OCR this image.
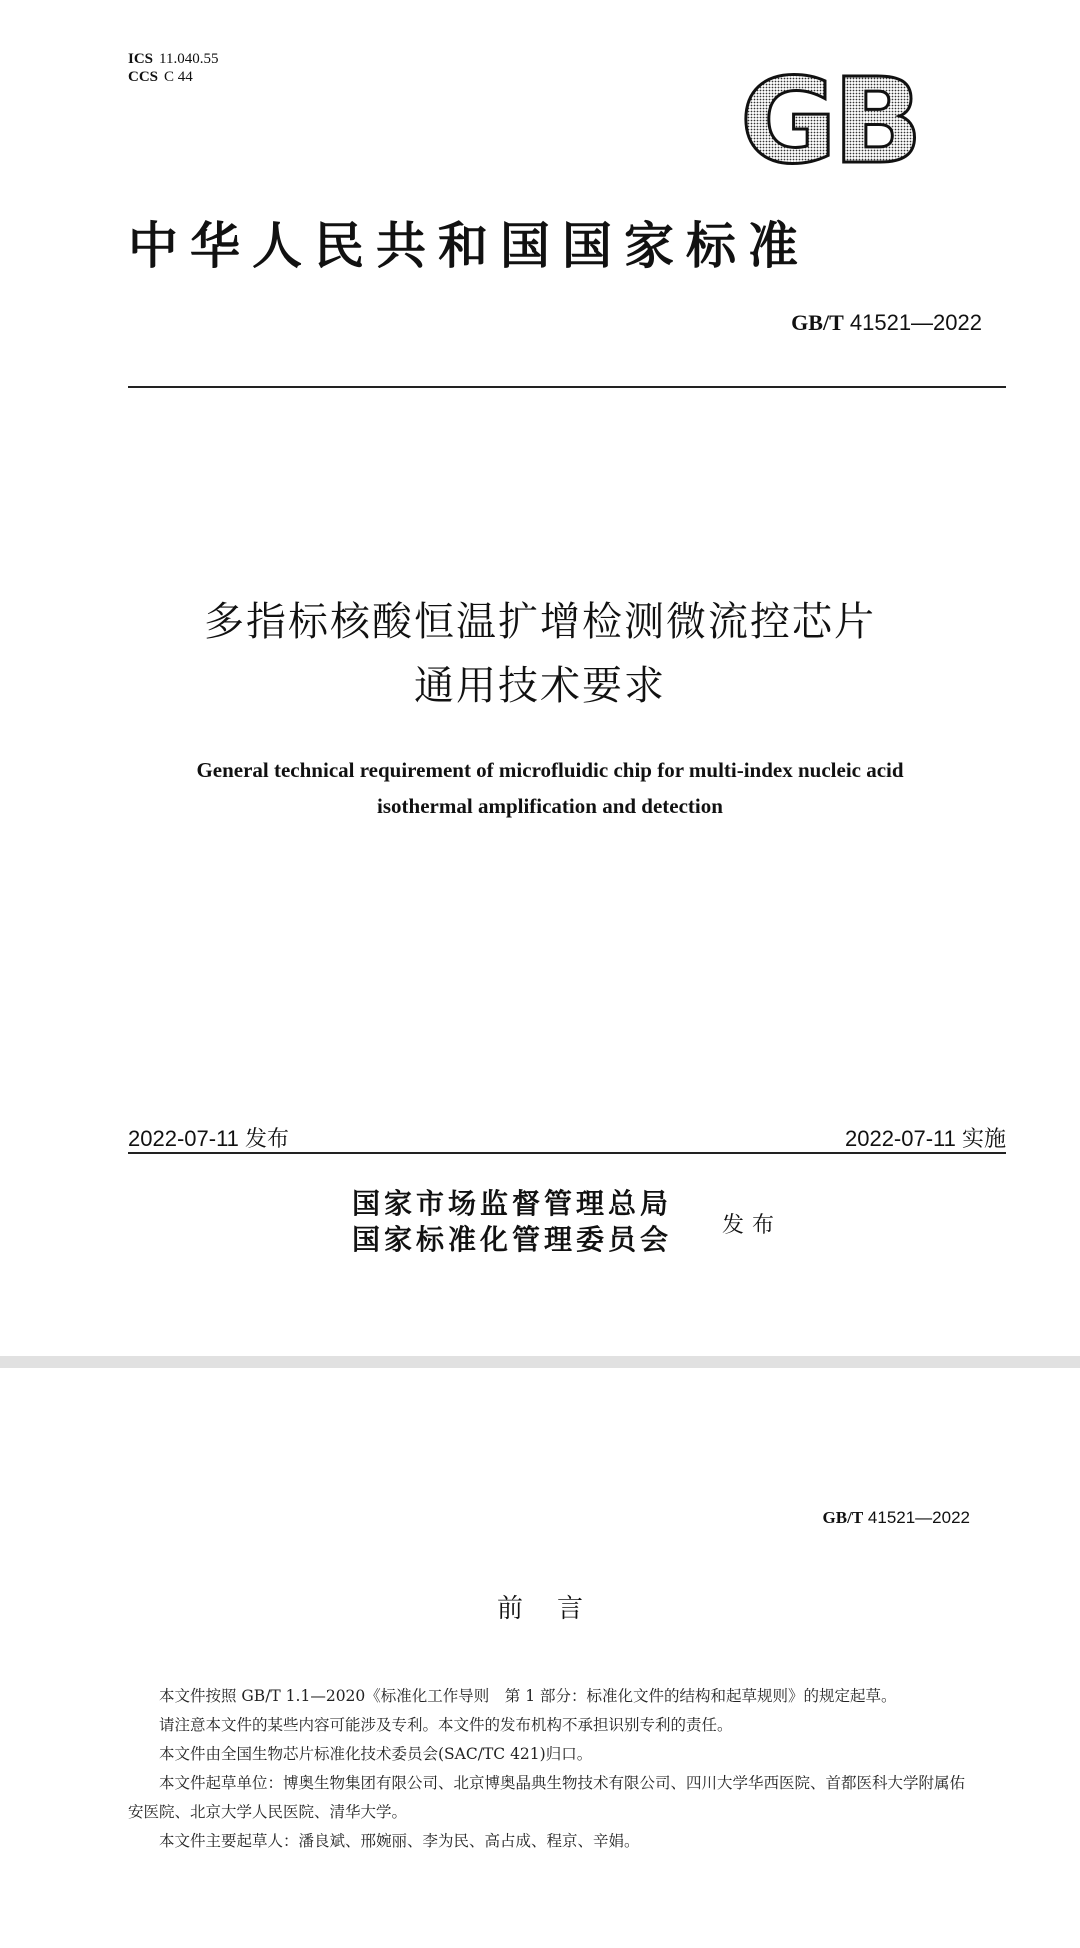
ICS 11.040.55
CCS C 44	GB
中华人民共和国国家标准
GB/T 41521—2022
多指标核酸恒温扩增检测微流控芯片
通用技术要求
General technical requirement of microfluidic chip for multi-index nucleic acid
isothermal amplification and detection
2022-07-11 发布	2022-07-11 实施
国家市场监督管理总局
国家标准化管理委员会 发布
GB/T 41521—2022
前言

本文件按照 GB/T 1.1—2020《标准化工作导则　第 1 部分：标准化文件的结构和起草规则》的规定起草。

请注意本文件的某些内容可能涉及专利。本文件的发布机构不承担识别专利的责任。

本文件由全国生物芯片标准化技术委员会(SAC/TC 421)归口。

本文件起草单位：博奥生物集团有限公司、北京博奥晶典生物技术有限公司、四川大学华西医院、首都医科大学附属佑安医院、北京大学人民医院、清华大学。

本文件主要起草人：潘良斌、邢婉丽、李为民、高占成、程京、辛娟。
